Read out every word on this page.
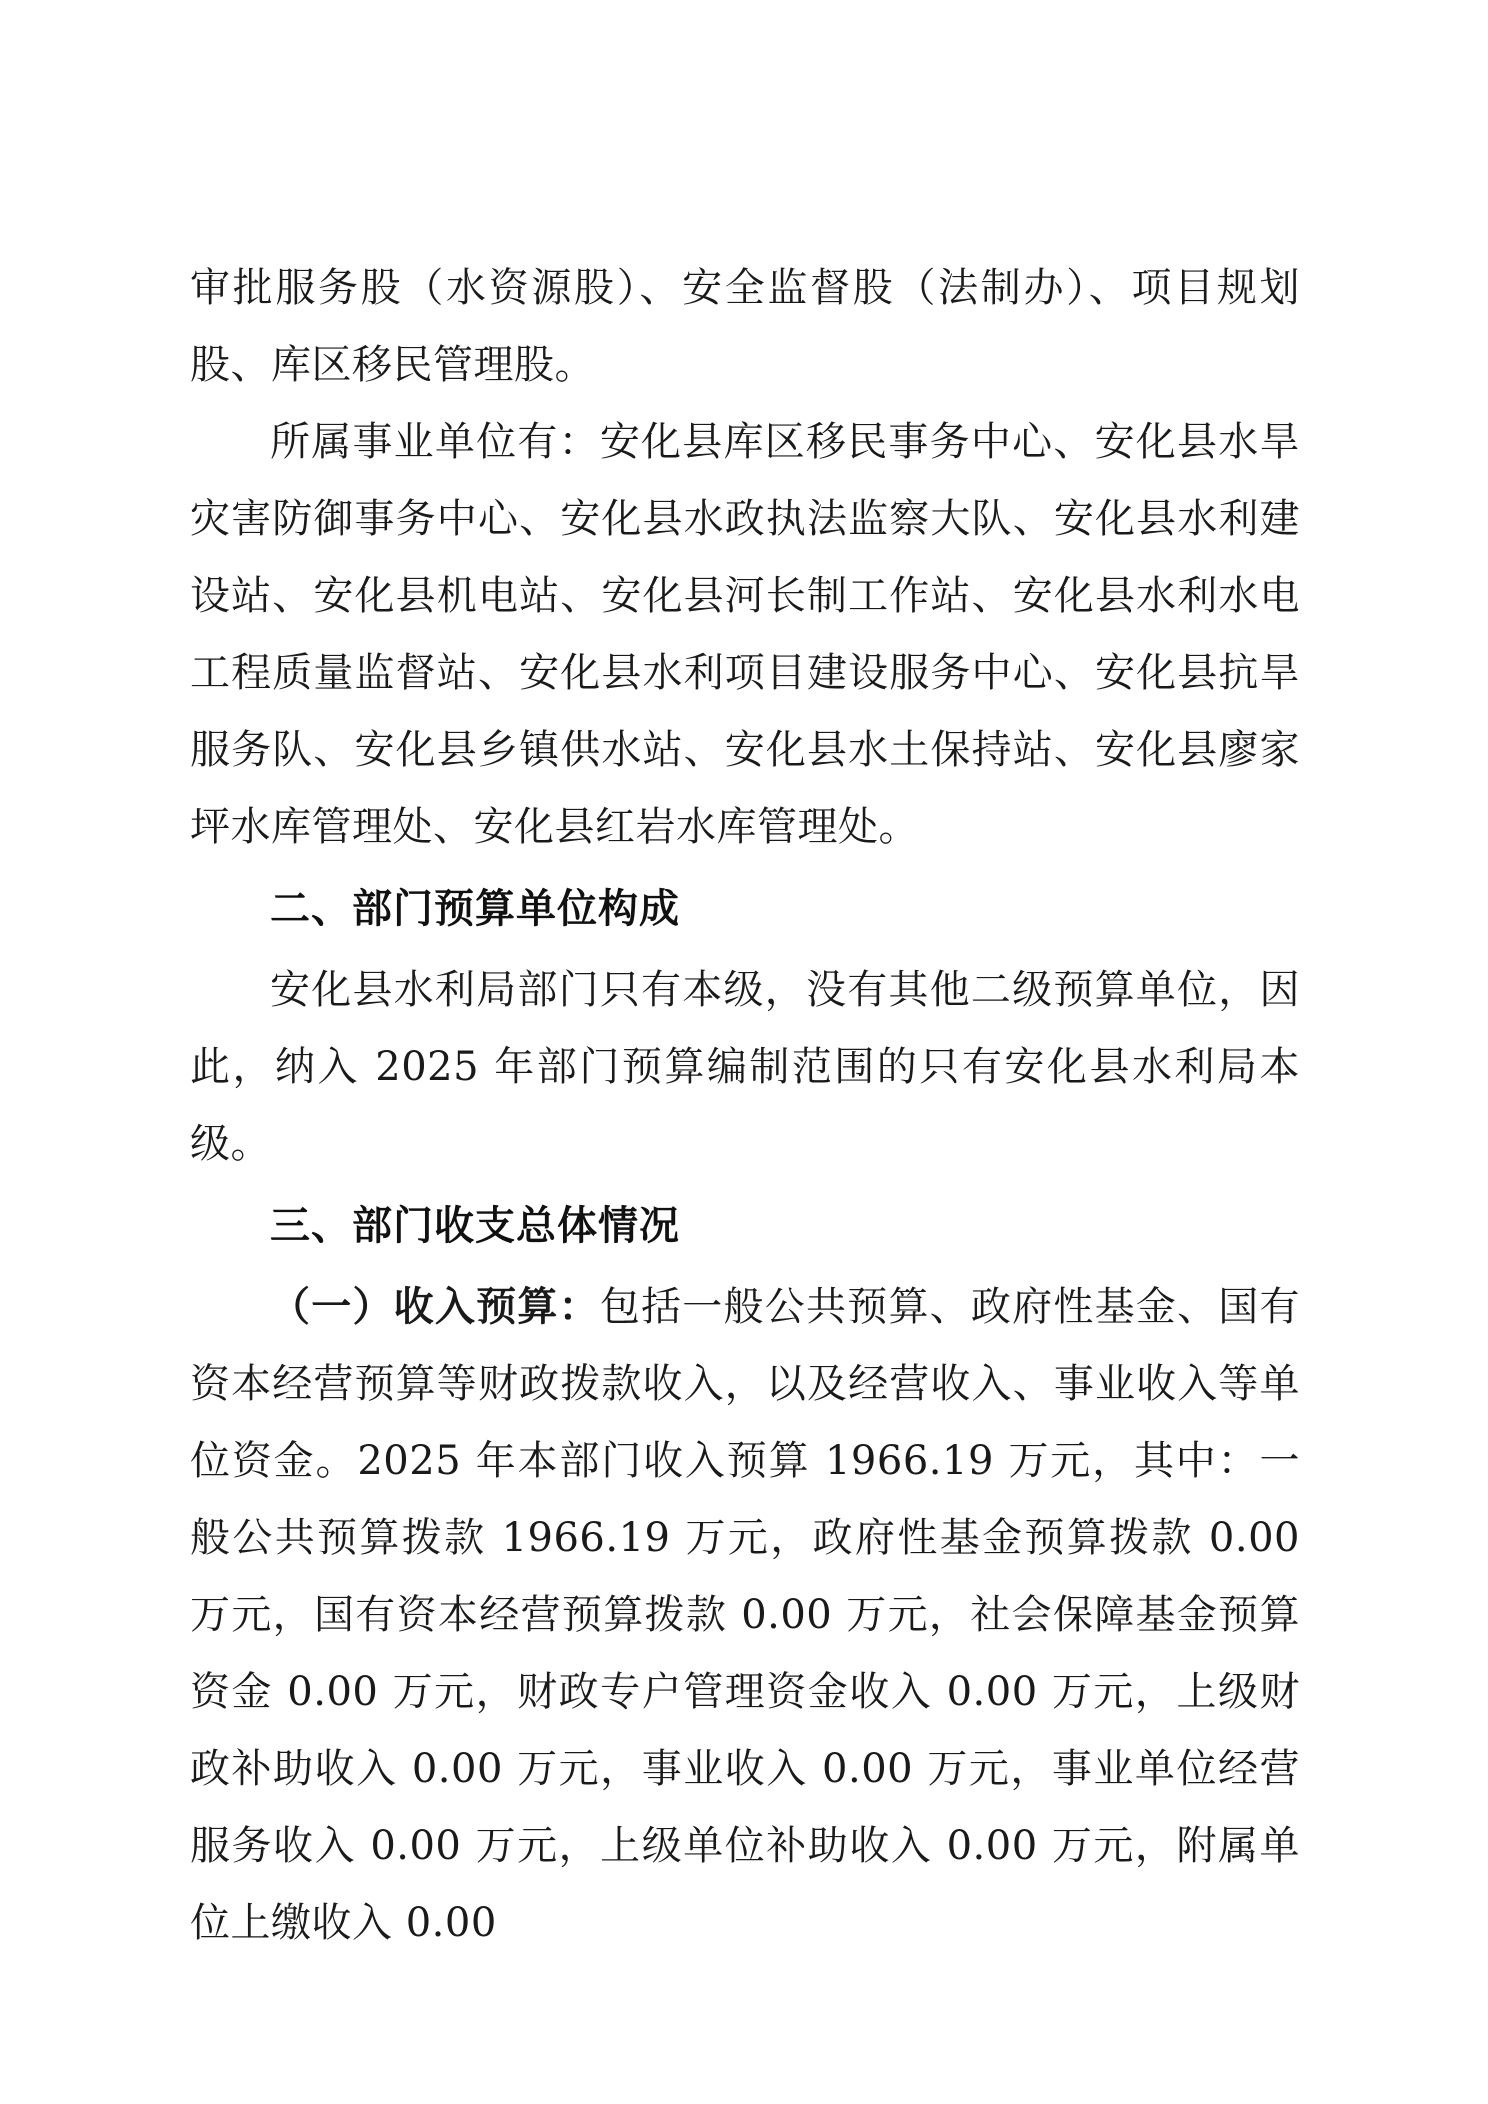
审批服务股（水资源股）、安全监督股（法制办）、项目规划股、库区移民管理股。

所属事业单位有：安化县库区移民事务中心、安化县水旱灾害防御事务中心、安化县水政执法监察大队、安化县水利建设站、安化县机电站、安化县河长制工作站、安化县水利水电工程质量监督站、安化县水利项目建设服务中心、安化县抗旱服务队、安化县乡镇供水站、安化县水土保持站、安化县廖家坪水库管理处、安化县红岩水库管理处。

二、部门预算单位构成

安化县水利局部门只有本级，没有其他二级预算单位，因此，纳入 2025 年部门预算编制范围的只有安化县水利局本级。

三、部门收支总体情况

（一）收入预算：包括一般公共预算、政府性基金、国有资本经营预算等财政拨款收入，以及经营收入、事业收入等单位资金。2025 年本部门收入预算 1966.19 万元，其中：一般公共预算拨款 1966.19 万元，政府性基金预算拨款 0.00 万元，国有资本经营预算拨款 0.00 万元，社会保障基金预算资金 0.00 万元，财政专户管理资金收入 0.00 万元，上级财政补助收入 0.00 万元，事业收入 0.00 万元，事业单位经营服务收入 0.00 万元，上级单位补助收入 0.00 万元，附属单位上缴收入 0.00
